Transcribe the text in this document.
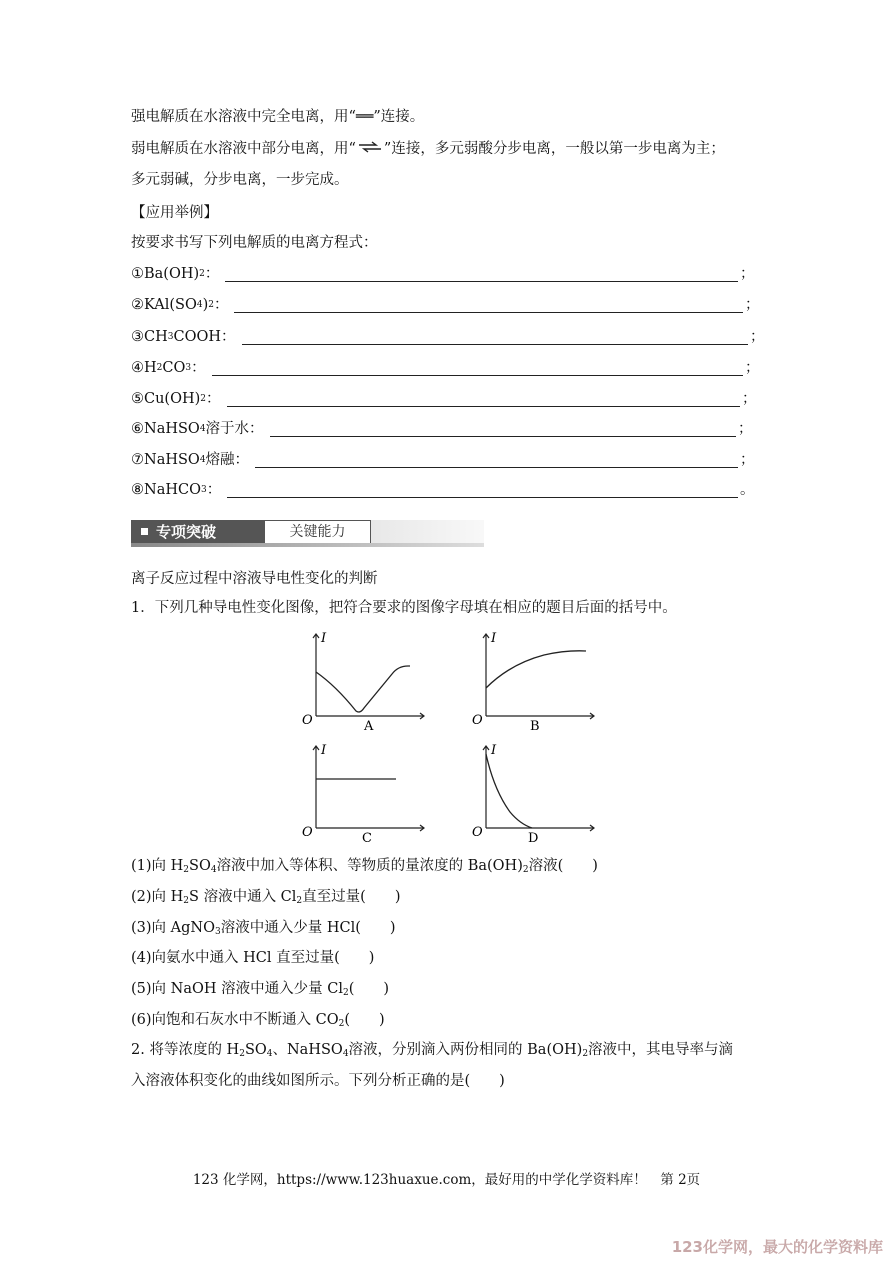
强电解质在水溶液中完全电离，用“══”连接。
弱电解质在水溶液中部分电离，用“⇌”连接，多元弱酸分步电离，一般以第一步电离为主；
多元弱碱，分步电离，一步完成。
【应用举例】
按要求书写下列电解质的电离方程式：
① Ba(OH) 2 ：	；
② KAl(SO 4 ) 2 ：	；
③ CH 3 COOH ：	；
④ H 2 CO 3 ：	；
⑤ Cu(OH) 2 ：	；
⑥ NaHSO 4 溶于水 ：	；
⑦ NaHSO 4 熔融 ：	；
⑧ NaHCO 3 ：	。
专项突破	关键能力
离子反应过程中溶液导电性变化的判断
1．下列几种导电性变化图像，把符合要求的图像字母填在相应的题目后面的括号中。
I
O	A
I
O	B
I
O	C
I
O	D
(1)向 $H_2SO_4$溶液中加入等体积、等物质的量浓度的 $Ba(OH)_2$溶液(　　)
(2)向 $H_2S$ 溶液中通入 $Cl_2$直至过量(　　)
(3)向 AgNO$_3$溶液中通入少量 HCl(　　)
(4)向氨水中通入 HCl 直至过量(　　)
(5)向 NaOH 溶液中通入少量 $Cl_2$(　　)
(6)向饱和石灰水中不断通入 $CO_2$(　　)
2. 将等浓度的 $H_2SO_4$、NaHSO$_4$溶液，分别滴入两份相同的 $Ba(OH)_2$溶液中，其电导率与滴
入溶液体积变化的曲线如图所示。下列分析正确的是(　　)
123 化学网，https://www.123huaxue.com，最好用的中学化学资料库！　第 2页
123化学网，最大的化学资料库
